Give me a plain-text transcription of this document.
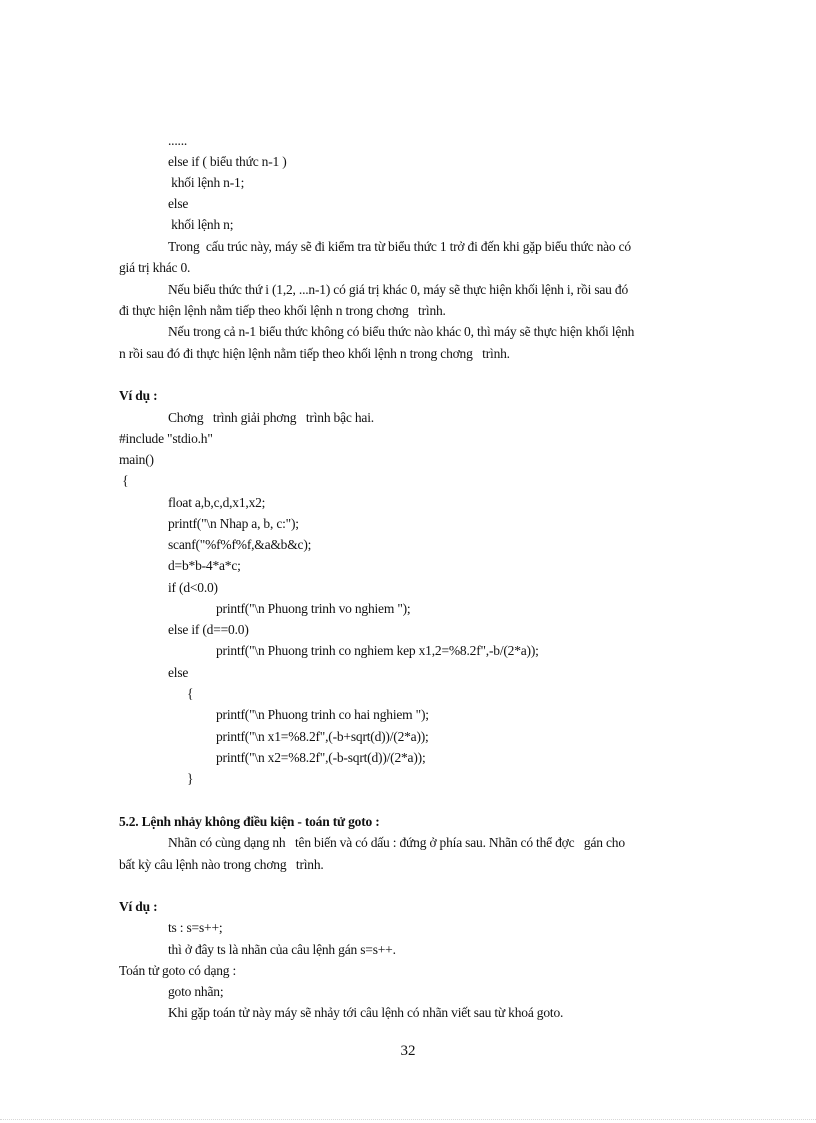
......
else if ( biểu thức n-1 )
khối lệnh n-1;
else
khối lệnh n;
Trong  cấu trúc này, máy sẽ đi kiểm tra từ biểu thức 1 trở đi đến khi gặp biểu thức nào có
giá trị khác 0.
Nếu biểu thức thứ i (1,2, ...n-1) có giá trị khác 0, máy sẽ thực hiện khối lệnh i, rồi sau đó
đi thực hiện lệnh nằm tiếp theo khối lệnh n trong chơng   trình.
Nếu trong cả n-1 biểu thức không có biểu thức nào khác 0, thì máy sẽ thực hiện khối lệnh
n rồi sau đó đi thực hiện lệnh nằm tiếp theo khối lệnh n trong chơng   trình.
Ví dụ :
Chơng   trình giải phơng   trình bậc hai.
#include "stdio.h"
main()
{
float a,b,c,d,x1,x2;
printf("\n Nhap a, b, c:");
scanf("%f%f%f,&a&b&c);
d=b*b-4*a*c;
if (d<0.0)
printf("\n Phuong trinh vo nghiem ");
else if (d==0.0)
printf("\n Phuong trinh co nghiem kep x1,2=%8.2f",-b/(2*a));
else
{
printf("\n Phuong trinh co hai nghiem ");
printf("\n x1=%8.2f",(-b+sqrt(d))/(2*a));
printf("\n x2=%8.2f",(-b-sqrt(d))/(2*a));
}
5.2. Lệnh nhảy không điều kiện - toán tử goto :
Nhãn có cùng dạng nh   tên biến và có dấu : đứng ở phía sau. Nhãn có thể đợc   gán cho
bất kỳ câu lệnh nào trong chơng   trình.
Ví dụ :
ts : s=s++;
thì ở đây ts là nhãn của câu lệnh gán s=s++.
Toán tử goto có dạng :
goto nhãn;
Khi gặp toán tử này máy sẽ nhảy tới câu lệnh có nhãn viết sau từ khoá goto.
32
